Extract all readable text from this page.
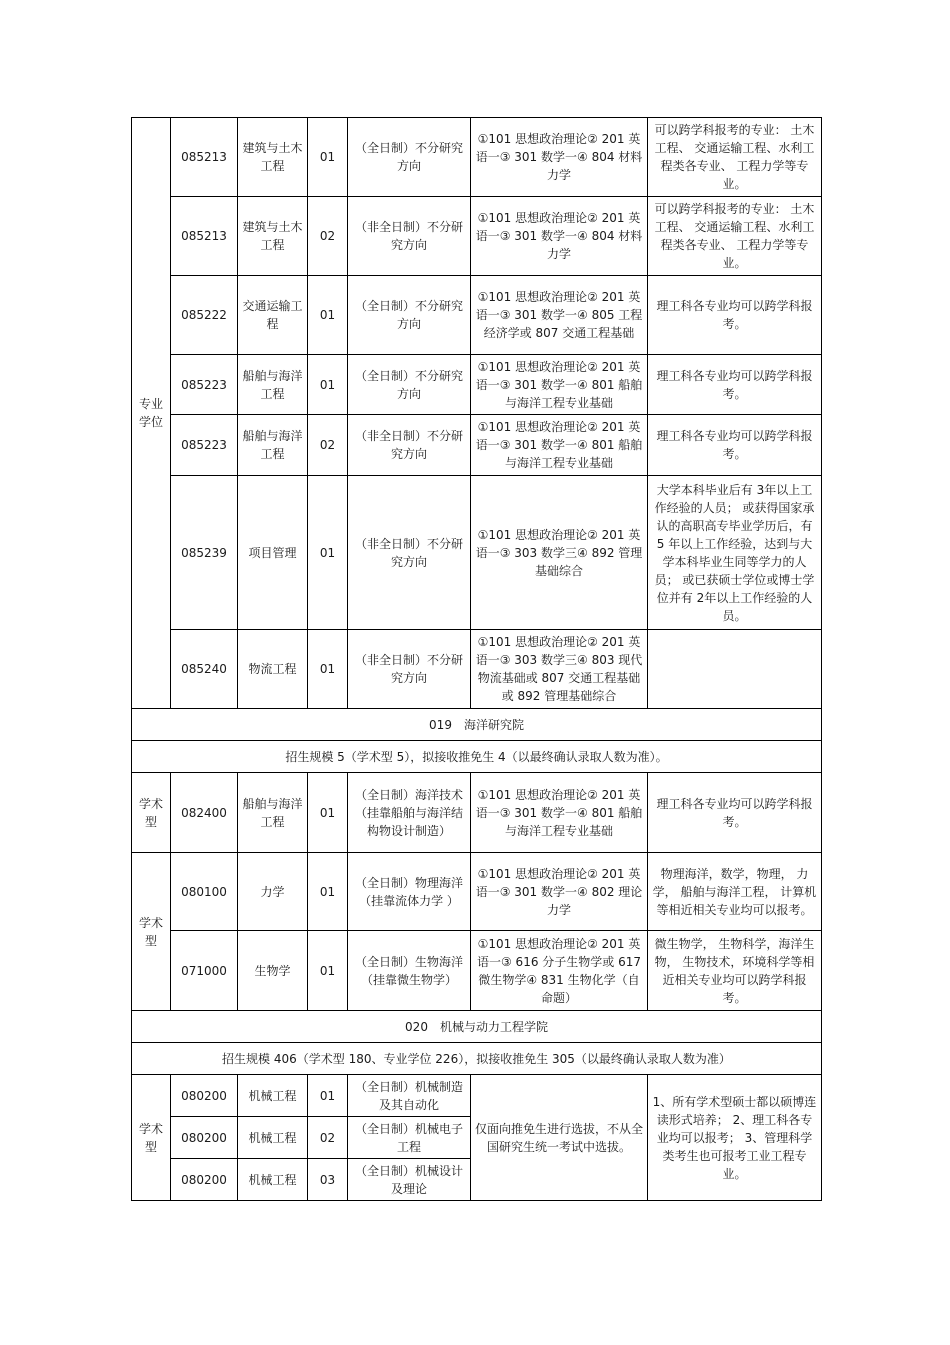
专业
学位	085213	建筑与土木工程	01	（全日制）不分研究方向	①101 思想政治理论② 201 英语一③ 301 数学一④ 804 材料力学	可以跨学科报考的专业： 土木工程、 交通运输工程、水利工程类各专业、 工程力学等专业。
	085213	建筑与土木工程	02	（非全日制）不分研究方向	①101 思想政治理论② 201 英语一③ 301 数学一④ 804 材料力学	可以跨学科报考的专业： 土木工程、 交通运输工程、水利工程类各专业、 工程力学等专业。
	085222	交通运输工程	01	（全日制）不分研究方向	①101 思想政治理论② 201 英语一③ 301 数学一④ 805 工程经济学或 807 交通工程基础	理工科各专业均可以跨学科报考。
	085223	船舶与海洋工程	01	（全日制）不分研究方向	①101 思想政治理论② 201 英语一③ 301 数学一④ 801 船舶与海洋工程专业基础	理工科各专业均可以跨学科报考。
	085223	船舶与海洋工程	02	（非全日制）不分研究方向	①101 思想政治理论② 201 英语一③ 301 数学一④ 801 船舶与海洋工程专业基础	理工科各专业均可以跨学科报考。
	085239	项目管理	01	（非全日制）不分研究方向	①101 思想政治理论② 201 英语一③ 303 数学三④ 892 管理基础综合	大学本科毕业后有 3年以上工作经验的人员； 或获得国家承认的高职高专毕业学历后，有 5 年以上工作经验，达到与大学本科毕业生同等学力的人员； 或已获硕士学位或博士学位并有 2年以上工作经验的人员。
	085240	物流工程	01	（非全日制）不分研究方向	①101 思想政治理论② 201 英语一③ 303 数学三④ 803 现代物流基础或 807 交通工程基础或 892 管理基础综合	
019　海洋研究院						
招生规模 5（学术型 5），拟接收推免生 4（以最终确认录取人数为准）。						
学术
型	082400	船舶与海洋工程	01	（全日制）海洋技术（挂靠船舶与海洋结构物设计制造）	①101 思想政治理论② 201 英语一③ 301 数学一④ 801 船舶与海洋工程专业基础	理工科各专业均可以跨学科报考。
学术
型	080100	力学	01	（全日制）物理海洋（挂靠流体力学 ）	①101 思想政治理论② 201 英语一③ 301 数学一④ 802 理论力学	物理海洋，数学，物理， 力学， 船舶与海洋工程， 计算机等相近相关专业均可以报考。
	071000	生物学	01	（全日制）生物海洋（挂靠微生物学）	①101 思想政治理论② 201 英语一③ 616 分子生物学或 617 微生物学④ 831 生物化学（自命题）	微生物学， 生物科学，海洋生物， 生物技术，环境科学等相近相关专业均可以跨学科报考。
020　机械与动力工程学院						
招生规模 406（学术型 180、专业学位 226），拟接收推免生 305（以最终确认录取人数为准）						
学术
型	080200	机械工程	01	（全日制）机械制造及其自动化	仅面向推免生进行选拔，不从全国研究生统一考试中选拔。	1、所有学术型硕士都以硕博连读形式培养； 2、理工科各专业均可以报考； 3、管理科学类考生也可报考工业工程专业。
	080200	机械工程	02	（全日制）机械电子工程		
	080200	机械工程	03	（全日制）机械设计及理论		
